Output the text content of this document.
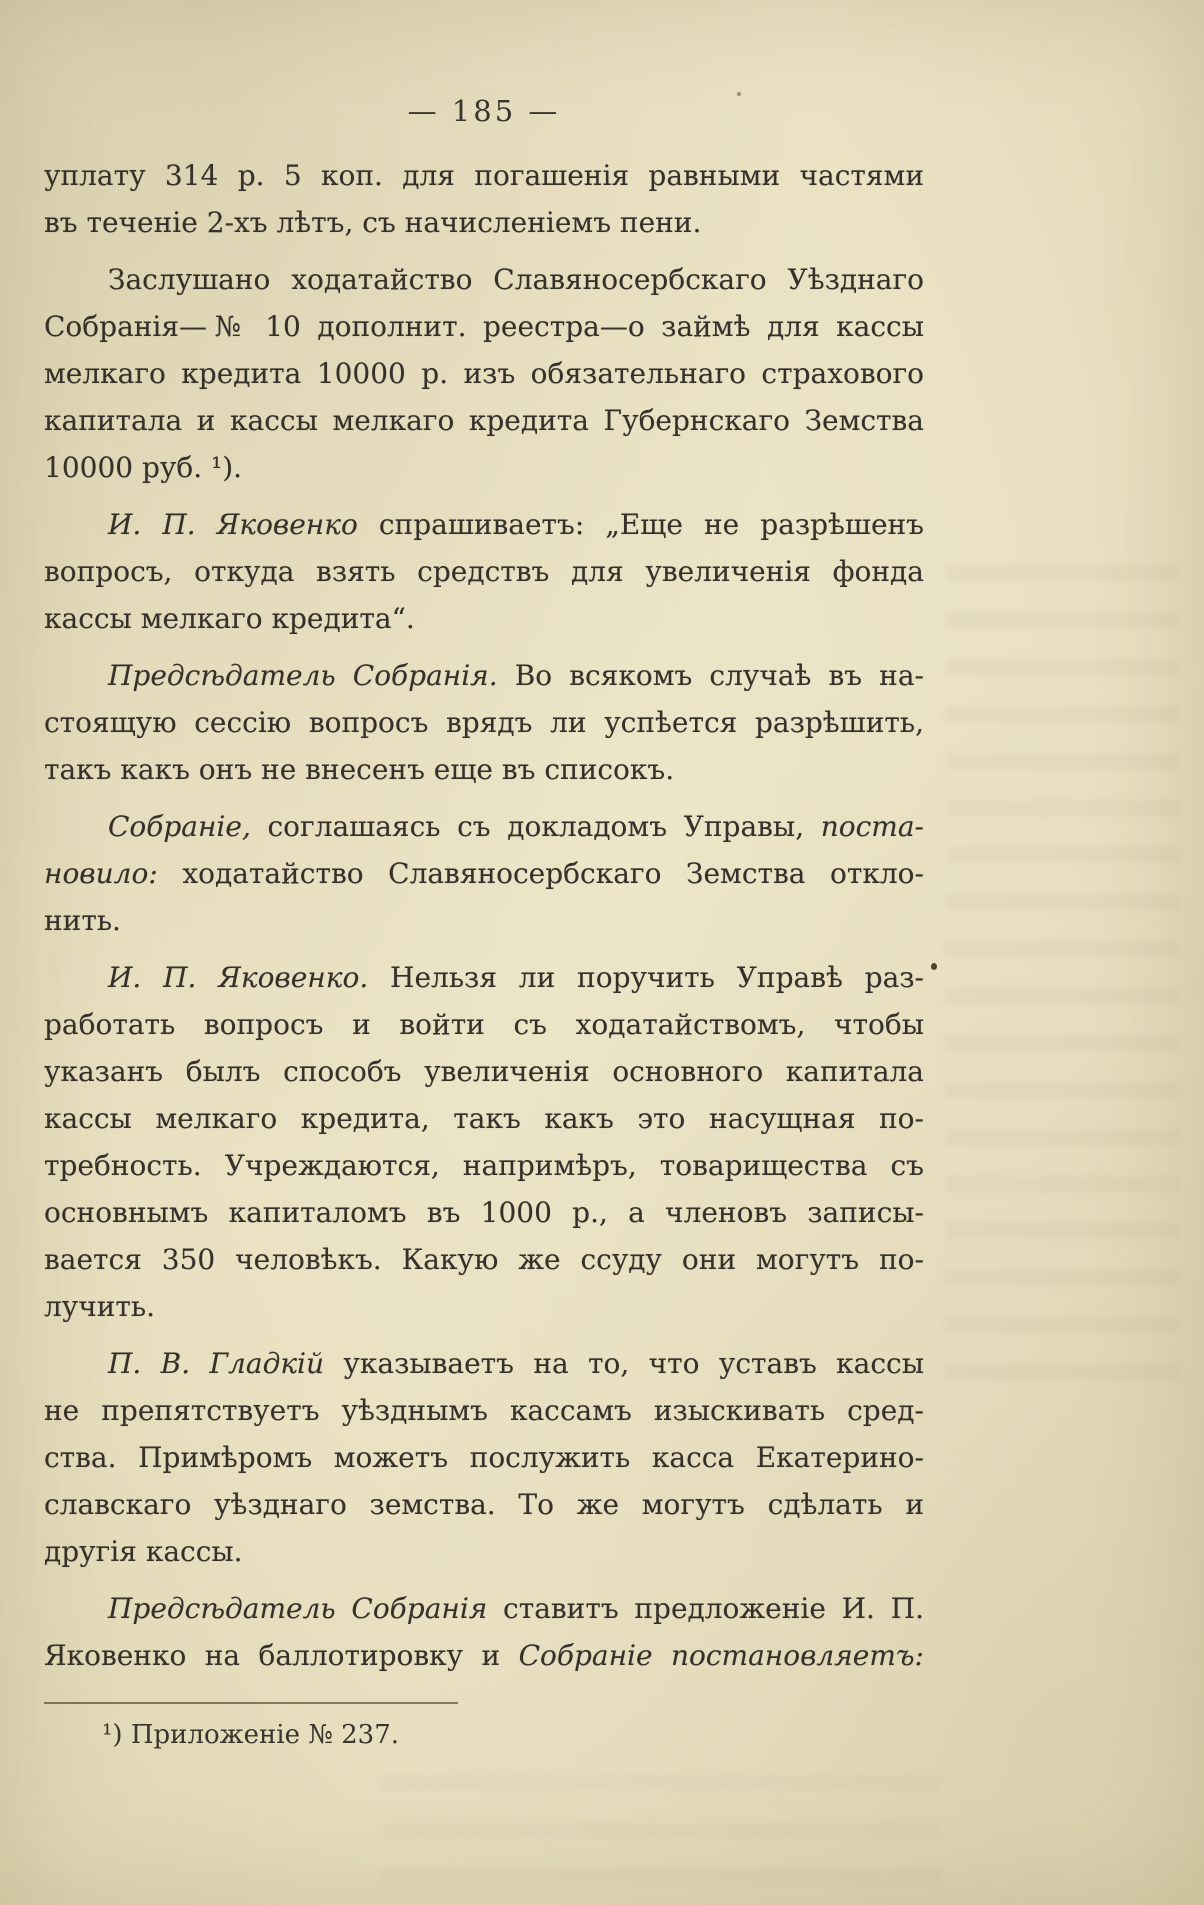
— 185 —
уплату 314 р. 5 коп. для погашенія равными частями
въ теченіе 2-хъ лѣтъ, съ начисленіемъ пени.
Заслушано ходатайство Славяносербскаго Уѣзднаго
Собранія—№ 10 дополнит. реестра—о займѣ для кассы
мелкаго кредита 10000 р. изъ обязательнаго страхового
капитала и кассы мелкаго кредита Губернскаго Земства
10000 руб. ¹).
И. П. Яковенко спрашиваетъ: „Еще не разрѣшенъ
вопросъ, откуда взять средствъ для увеличенія фонда
кассы мелкаго кредита“.
Предсѣдатель Собранія. Во всякомъ случаѣ въ на-
стоящую сессію вопросъ врядъ ли успѣется разрѣшить,
такъ какъ онъ не внесенъ еще въ списокъ.
Собраніе, соглашаясь съ докладомъ Управы, поста-
новило: ходатайство Славяносербскаго Земства откло-
нить.
И. П. Яковенко. Нельзя ли поручить Управѣ раз-
работать вопросъ и войти съ ходатайствомъ, чтобы
указанъ былъ способъ увеличенія основного капитала
кассы мелкаго кредита, такъ какъ это насущная по-
требность. Учреждаются, напримѣръ, товарищества съ
основнымъ капиталомъ въ 1000 р., а членовъ записы-
вается 350 человѣкъ. Какую же ссуду они могутъ по-
лучить.
П. В. Гладкій указываетъ на то, что уставъ кассы
не препятствуетъ уѣзднымъ кассамъ изыскивать сред-
ства. Примѣромъ можетъ послужить касса Екатерино-
славскаго уѣзднаго земства. То же могутъ сдѣлать и
другія кассы.
Предсѣдатель Собранія ставитъ предложеніе И. П.
Яковенко на баллотировку и Собраніе постановляетъ:
¹) Приложеніе № 237.
